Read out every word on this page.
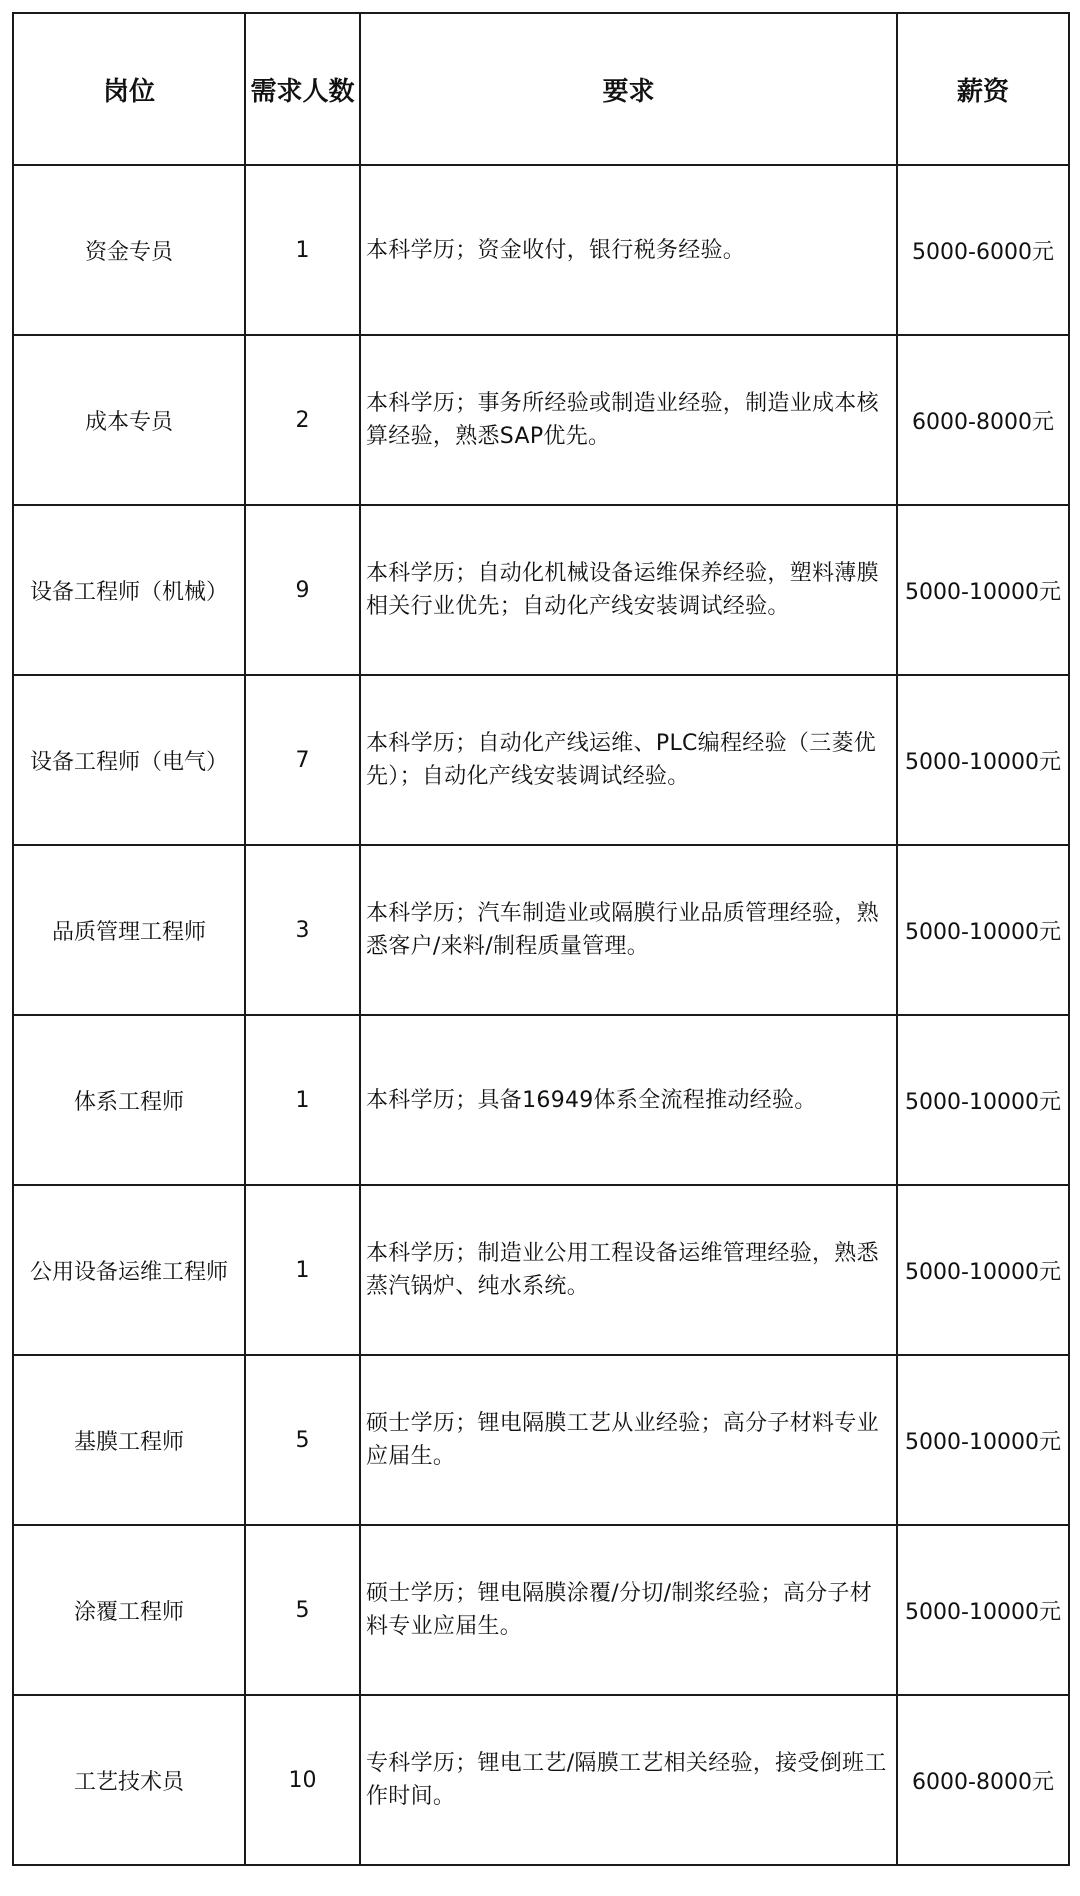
岗位	需求人数	要求	薪资
资金专员	1	本科学历；资金收付，银行税务经验。	5000-6000元
成本专员	2	本科学历；事务所经验或制造业经验，制造业成本核算经验，熟悉SAP优先。	6000-8000元
设备工程师（机械）	9	本科学历；自动化机械设备运维保养经验，塑料薄膜相关行业优先；自动化产线安装调试经验。	5000-10000元
设备工程师（电气）	7	本科学历；自动化产线运维、PLC编程经验（三菱优先）；自动化产线安装调试经验。	5000-10000元
品质管理工程师	3	本科学历；汽车制造业或隔膜行业品质管理经验，熟悉客户/来料/制程质量管理。	5000-10000元
体系工程师	1	本科学历；具备16949体系全流程推动经验。	5000-10000元
公用设备运维工程师	1	本科学历；制造业公用工程设备运维管理经验，熟悉蒸汽锅炉、纯水系统。	5000-10000元
基膜工程师	5	硕士学历；锂电隔膜工艺从业经验；高分子材料专业应届生。	5000-10000元
涂覆工程师	5	硕士学历；锂电隔膜涂覆/分切/制浆经验；高分子材料专业应届生。	5000-10000元
工艺技术员	10	专科学历；锂电工艺/隔膜工艺相关经验，接受倒班工作时间。	6000-8000元
